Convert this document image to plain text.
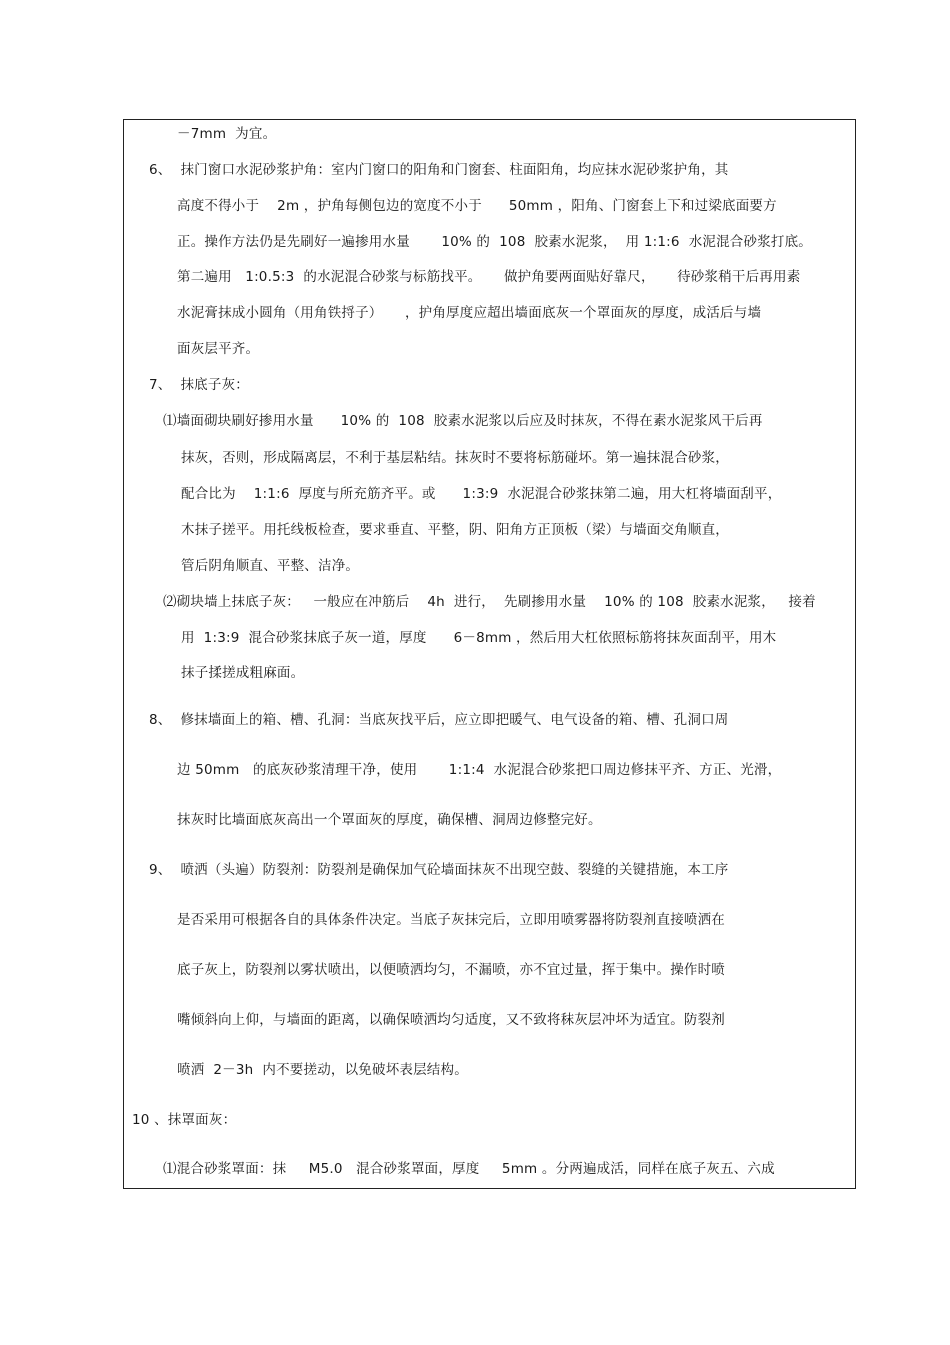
－7mm  为宜。
6、  抹门窗口水泥砂浆护角：室内门窗口的阳角和门窗套、柱面阳角，均应抹水泥砂浆护角，其
高度不得小于    2m ，护角每侧包边的宽度不小于      50mm ，阳角、门窗套上下和过梁底面要方
正。操作方法仍是先刷好一遍掺用水量       10% 的  108  胶素水泥浆，  用 1:1:6  水泥混合砂浆打底。
第二遍用   1:0.5:3  的水泥混合砂浆与标筋找平。     做护角要两面贴好靠尺，     待砂浆稍干后再用素
水泥膏抹成小圆角（用角铁捋子）     ，护角厚度应超出墙面底灰一个罩面灰的厚度，成活后与墙
面灰层平齐。
7、  抹底子灰：
⑴墙面砌块刷好掺用水量      10% 的  108  胶素水泥浆以后应及时抹灰，不得在素水泥浆风干后再
抹灰，否则，形成隔离层，不利于基层粘结。抹灰时不要将标筋碰坏。第一遍抹混合砂浆，
配合比为    1:1:6  厚度与所充筋齐平。或      1:3:9  水泥混合砂浆抹第二遍，用大杠将墙面刮平，
木抹子搓平。用托线板检查，要求垂直、平整，阴、阳角方正顶板（梁）与墙面交角顺直，
管后阴角顺直、平整、洁净。
⑵砌块墙上抹底子灰：   一般应在冲筋后    4h  进行，  先刷掺用水量    10% 的 108  胶素水泥浆，   接着
用  1:3:9  混合砂浆抹底子灰一道，厚度      6－8mm ，然后用大杠依照标筋将抹灰面刮平，用木
抹子揉搓成粗麻面。
8、  修抹墙面上的箱、槽、孔洞：当底灰找平后，应立即把暖气、电气设备的箱、槽、孔洞口周
边 50mm   的底灰砂浆清理干净，使用       1:1:4  水泥混合砂浆把口周边修抹平齐、方正、光滑，
抹灰时比墙面底灰高出一个罩面灰的厚度，确保槽、洞周边修整完好。
9、  喷洒（头遍）防裂剂：防裂剂是确保加气砼墙面抹灰不出现空鼓、裂缝的关键措施，本工序
是否采用可根据各自的具体条件决定。当底子灰抹完后，立即用喷雾器将防裂剂直接喷洒在
底子灰上，防裂剂以雾状喷出，以便喷洒均匀，不漏喷，亦不宜过量，挥于集中。操作时喷
嘴倾斜向上仰，与墙面的距离，以确保喷洒均匀适度，又不致将秣灰层冲坏为适宜。防裂剂
喷洒  2－3h  内不要搓动，以免破坏表层结构。
10 、抹罩面灰：
⑴混合砂浆罩面：抹     M5.0   混合砂浆罩面，厚度     5mm 。分两遍成活，同样在底子灰五、六成
